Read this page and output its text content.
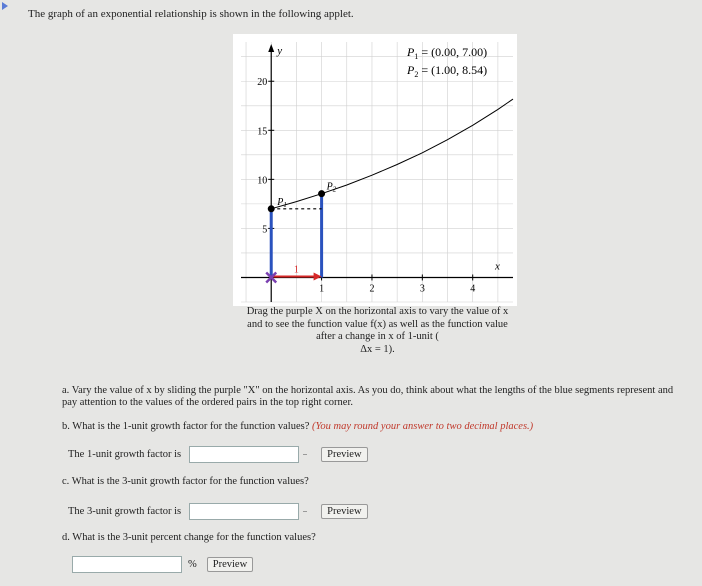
The graph of an exponential relationship is shown in the following applet.
y
x
5
10
15
20
1	2	3	4
1
$P_1$
$P_2$
$P_1 = (0.00$, 7.00)
$P_2 = (1.00$, 8.54)
Drag the purple X on the horizontal axis to vary the value of x and to see the function value f(x) as well as the function value after a change in x of 1-unit (
Δx = 1).
a. Vary the value of x by sliding the purple "X" on the horizontal axis. As you do, think about what the lengths of the blue segments represent and pay attention to the values of the ordered pairs in the top right corner.
b. What is the 1-unit growth factor for the function values? (You may round your answer to two decimal places.)
The 1-unit growth factor is	Preview
c. What is the 3-unit growth factor for the function values?
The 3-unit growth factor is	Preview
d. What is the 3-unit percent change for the function values?
%	Preview
